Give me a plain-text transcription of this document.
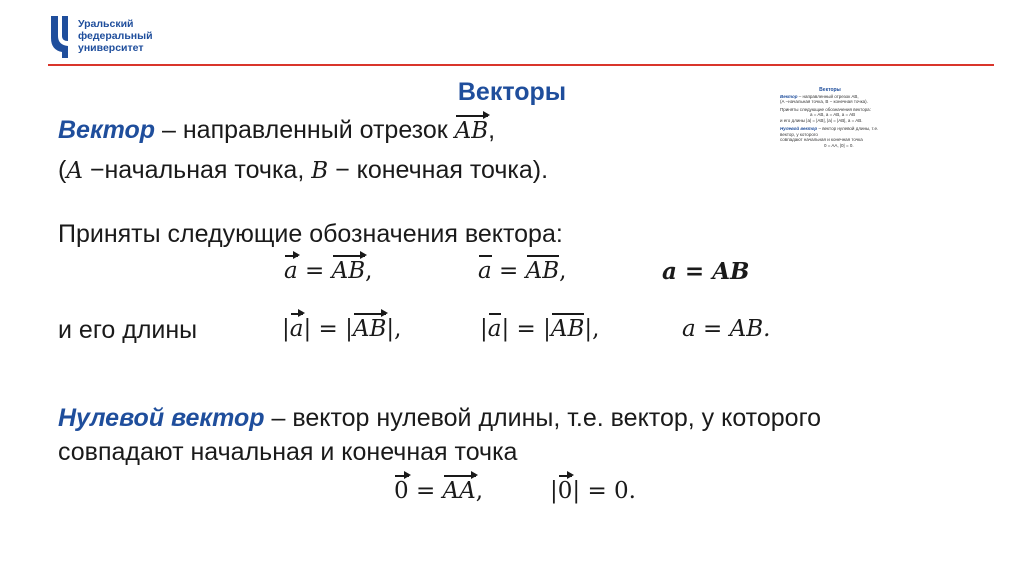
Уральский
федеральный
университет
Векторы
Вектор – направленный отрезок AB,
(A −начальная точка, B − конечная точка).
Приняты следующие обозначения вектора:
a = AB,	a = AB,	a = AB
и его длины	|a| = |AB|,	|a| = |AB|,	a = AB.
Нулевой вектор – вектор нулевой длины, т.е. вектор, у которого
совпадают начальная и конечная точка
0 = AA,	|0| = 0.
Векторы
Вектор – направленный отрезок AB,
(A −начальная точка, B − конечная точка).
Приняты следующие обозначения вектора:
a = AB, a = AB, a = AB
и его длины |a| = |AB|, |a| = |AB|, a = AB.
Нулевой вектор – вектор нулевой длины, т.е. вектор, у которого
совпадают начальная и конечная точка
0 = AA, |0| = 0.
